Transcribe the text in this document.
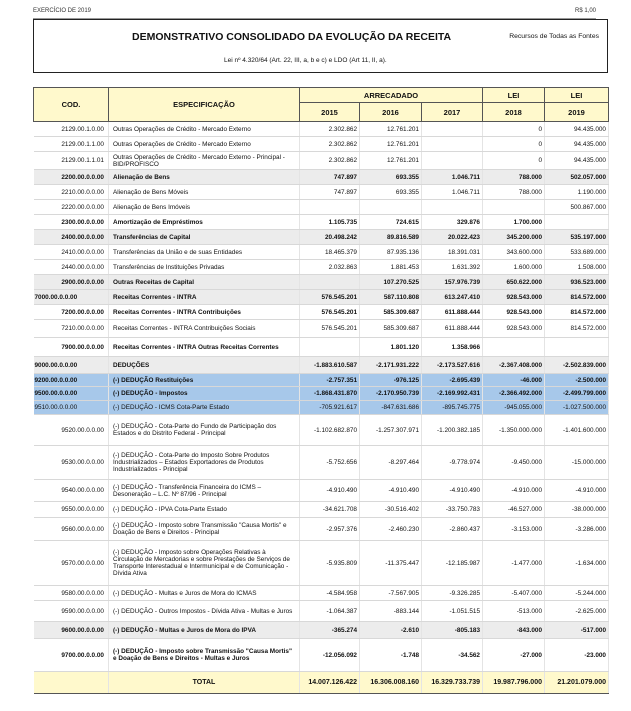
EXERCÍCIO DE 2019	R$ 1,00
DEMONSTRATIVO CONSOLIDADO DA EVOLUÇÃO DA RECEITA	Recursos de Todas as Fontes
Lei nº 4.320/64 (Art. 22, III, a, b e c) e LDO (Art 11, II, a).
COD.	ESPECIFICAÇÃO	ARRECADADO			LEI	LEI
		2015	2016	2017	2018	2019
2129.00.1.0.00	Outras Operações de Crédito - Mercado Externo	2.302.862	12.761.201		0	94.435.000
2129.00.1.1.00	Outras Operações de Crédito - Mercado Externo	2.302.862	12.761.201		0	94.435.000
2129.00.1.1.01	Outras Operações de Crédito - Mercado Externo - Principal - BID/PROFISCO	2.302.862	12.761.201		0	94.435.000
2200.00.0.0.00	Alienação de Bens	747.897	693.355	1.046.711	788.000	502.057.000
2210.00.0.0.00	Alienação de Bens Móveis	747.897	693.355	1.046.711	788.000	1.190.000
2220.00.0.0.00	Alienação de Bens Imóveis					500.867.000
2300.00.0.0.00	Amortização de Empréstimos	1.105.735	724.615	329.876	1.700.000	
2400.00.0.0.00	Transferências de Capital	20.498.242	89.816.589	20.022.423	345.200.000	535.197.000
2410.00.0.0.00	Transferências da União e de suas Entidades	18.465.379	87.935.136	18.391.031	343.600.000	533.689.000
2440.00.0.0.00	Transferências de Instituições Privadas	2.032.863	1.881.453	1.631.392	1.600.000	1.508.000
2900.00.0.0.00	Outras Receitas de Capital		107.270.525	157.976.739	650.622.000	936.523.000
7000.00.0.0.00	Receitas Correntes - INTRA	576.545.201	587.110.808	613.247.410	928.543.000	814.572.000
7200.00.0.0.00	Receitas Correntes - INTRA Contribuições	576.545.201	585.309.687	611.888.444	928.543.000	814.572.000
7210.00.0.0.00	Receitas Correntes - INTRA Contribuições Sociais	576.545.201	585.309.687	611.888.444	928.543.000	814.572.000
7900.00.0.0.00	Receitas Correntes - INTRA Outras Receitas Correntes		1.801.120	1.358.966		
9000.00.0.0.00	DEDUÇÕES	-1.883.610.587	-2.171.931.222	-2.173.527.616	-2.367.408.000	-2.502.839.000
9200.00.0.0.00	(-) DEDUÇÃO Restituições	-2.757.351	-976.125	-2.695.439	-46.000	-2.500.000
9500.00.0.0.00	(-) DEDUÇÃO - Impostos	-1.868.431.870	-2.170.950.739	-2.169.992.431	-2.366.492.000	-2.499.799.000
9510.00.0.0.00	(-) DEDUÇÃO - ICMS Cota-Parte Estado	-705.921.617	-847.631.686	-895.745.775	-945.055.000	-1.027.500.000
9520.00.0.0.00	(-) DEDUÇÃO - Cota-Parte do Fundo de Participação dos Estados e do Distrito Federal - Principal	-1.102.682.870	-1.257.307.971	-1.200.382.185	-1.350.000.000	-1.401.600.000
9530.00.0.0.00	(-) DEDUÇÃO - Cota-Parte do Imposto Sobre Produtos Industrializados – Estados Exportadores de Produtos Industrializados - Principal	-5.752.656	-8.297.464	-9.778.974	-9.450.000	-15.000.000
9540.00.0.0.00	(-) DEDUÇÃO - Transferência Financeira do ICMS – Desoneração – L.C. Nº 87/96 - Principal	-4.910.490	-4.910.490	-4.910.490	-4.910.000	-4.910.000
9550.00.0.0.00	(-) DEDUÇÃO - IPVA Cota-Parte Estado	-34.621.708	-30.516.402	-33.750.783	-46.527.000	-38.000.000
9560.00.0.0.00	(-) DEDUÇÃO - Imposto sobre Transmissão "Causa Mortis" e Doação de Bens e Direitos - Principal	-2.957.376	-2.460.230	-2.860.437	-3.153.000	-3.286.000
9570.00.0.0.00	(-) DEDUÇÃO - Imposto sobre Operações Relativas à Circulação de Mercadorias e sobre Prestações de Serviços de Transporte Interestadual e Intermunicipal e de Comunicação - Dívida Ativa	-5.935.809	-11.375.447	-12.185.987	-1.477.000	-1.634.000
9580.00.0.0.00	(-) DEDUÇÃO - Multas e Juros de Mora do ICMAS	-4.584.958	-7.567.905	-9.326.285	-5.407.000	-5.244.000
9590.00.0.0.00	(-) DEDUÇÃO - Outros Impostos - Dívida Ativa - Multas e Juros	-1.064.387	-883.144	-1.051.515	-513.000	-2.625.000
9600.00.0.0.00	(-) DEDUÇÃO - Multas e Juros de Mora do IPVA	-365.274	-2.610	-805.183	-843.000	-517.000
9700.00.0.0.00	(-) DEDUÇÃO - Imposto sobre Transmissão "Causa Mortis" e Doação de Bens e Direitos - Multas e Juros	-12.056.092	-1.748	-34.562	-27.000	-23.000
	TOTAL	14.007.126.422	16.306.008.160	16.329.733.739	19.987.796.000	21.201.079.000
